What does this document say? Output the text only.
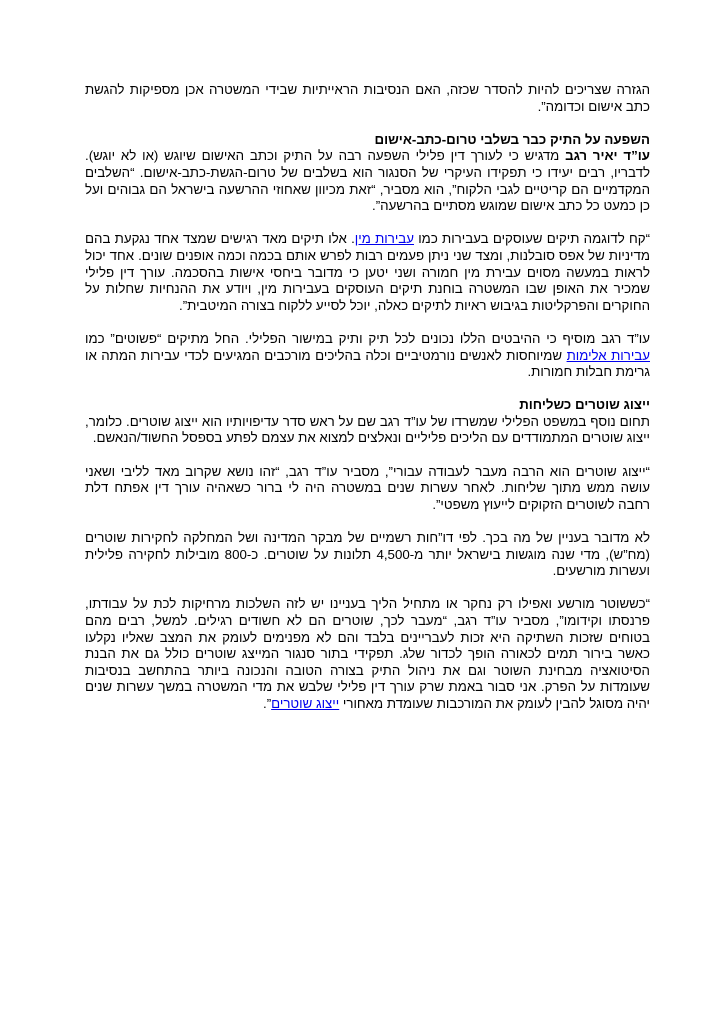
הגזרה שצריכים להיות להסדר שכזה, האם הנסיבות הראייתיות שבידי המשטרה אכן מספיקות להגשת כתב אישום וכדומה”.

השפעה על התיק כבר בשלבי טרום-כתב-אישום

עו”ד יאיר רגב מדגיש כי לעורך דין פלילי השפעה רבה על התיק וכתב האישום שיוגש (או לא יוגש). לדבריו, רבים יעידו כי תפקידו העיקרי של הסנגור הוא בשלבים של טרום-הגשת-כתב-אישום. “השלבים המקדמיים הם קריטיים לגבי הלקוח”, הוא מסביר, “זאת מכיוון שאחוזי ההרשעה בישראל הם גבוהים ועל כן כמעט כל כתב אישום שמוגש מסתיים בהרשעה”.

“קח לדוגמה תיקים שעוסקים בעבירות כמו עבירות מין. אלו תיקים מאד רגישים שמצד אחד נגקעת בהם מדיניות של אפס סובלנות, ומצד שני ניתן פעמים רבות לפרש אותם בכמה וכמה אופנים שונים. אחד יכול לראות במעשה מסוים עבירת מין חמורה ושני יטען כי מדובר ביחסי אישות בהסכמה. עורך דין פלילי שמכיר את האופן שבו המשטרה בוחנת תיקים העוסקים בעבירות מין, ויודע את ההנחיות שחלות על החוקרים והפרקליטות בגיבוש ראיות לתיקים כאלה, יוכל לסייע ללקוח בצורה המיטבית”.

עו”ד רגב מוסיף כי ההיבטים הללו נכונים לכל תיק ותיק במישור הפלילי. החל מתיקים “פשוטים” כמו עבירות אלימות שמיוחסות לאנשים נורמטיביים וכלה בהליכים מורכבים המגיעים לכדי עבירות המתה או גרימת חבלות חמורות.

ייצוג שוטרים כשליחות

תחום נוסף במשפט הפלילי שמשרדו של עו”ד רגב שם על ראש סדר עדיפויותיו הוא ייצוג שוטרים. כלומר, ייצוג שוטרים המתמודדים עם הליכים פליליים ונאלצים למצוא את עצמם לפתע בספסל החשוד/הנאשם.

“ייצוג שוטרים הוא הרבה מעבר לעבודה עבורי”, מסביר עו”ד רגב, “זהו נושא שקרוב מאד לליבי ושאני עושה ממש מתוך שליחות. לאחר עשרות שנים במשטרה היה לי ברור כשאהיה עורך דין אפתח דלת רחבה לשוטרים הזקוקים לייעוץ משפטי”.

לא מדובר בעניין של מה בכך. לפי דו”חות רשמיים של מבקר המדינה ושל המחלקה לחקירות שוטרים (מח”ש), מדי שנה מוגשות בישראל יותר מ-4,500 תלונות על שוטרים. כ-800 מובילות לחקירה פלילית ועשרות מורשעים.

“כששוטר מורשע ואפילו רק נחקר או מתחיל הליך בעניינו יש לזה השלכות מרחיקות לכת על עבודתו, פרנסתו וקידומו”, מסביר עו”ד רגב, “מעבר לכך, שוטרים הם לא חשודים רגילים. למשל, רבים מהם בטוחים שזכות השתיקה היא זכות לעבריינים בלבד והם לא מפנימים לעומק את המצב שאליו נקלעו כאשר בירור תמים לכאורה הופך לכדור שלג. תפקידי בתור סנגור המייצג שוטרים כולל גם את הבנת הסיטואציה מבחינת השוטר וגם את ניהול התיק בצורה הטובה והנכונה ביותר בהתחשב בנסיבות שעומדות על הפרק. אני סבור באמת שרק עורך דין פלילי שלבש את מדי המשטרה במשך עשרות שנים יהיה מסוגל להבין לעומק את המורכבות שעומדת מאחורי ייצוג שוטרים”.
